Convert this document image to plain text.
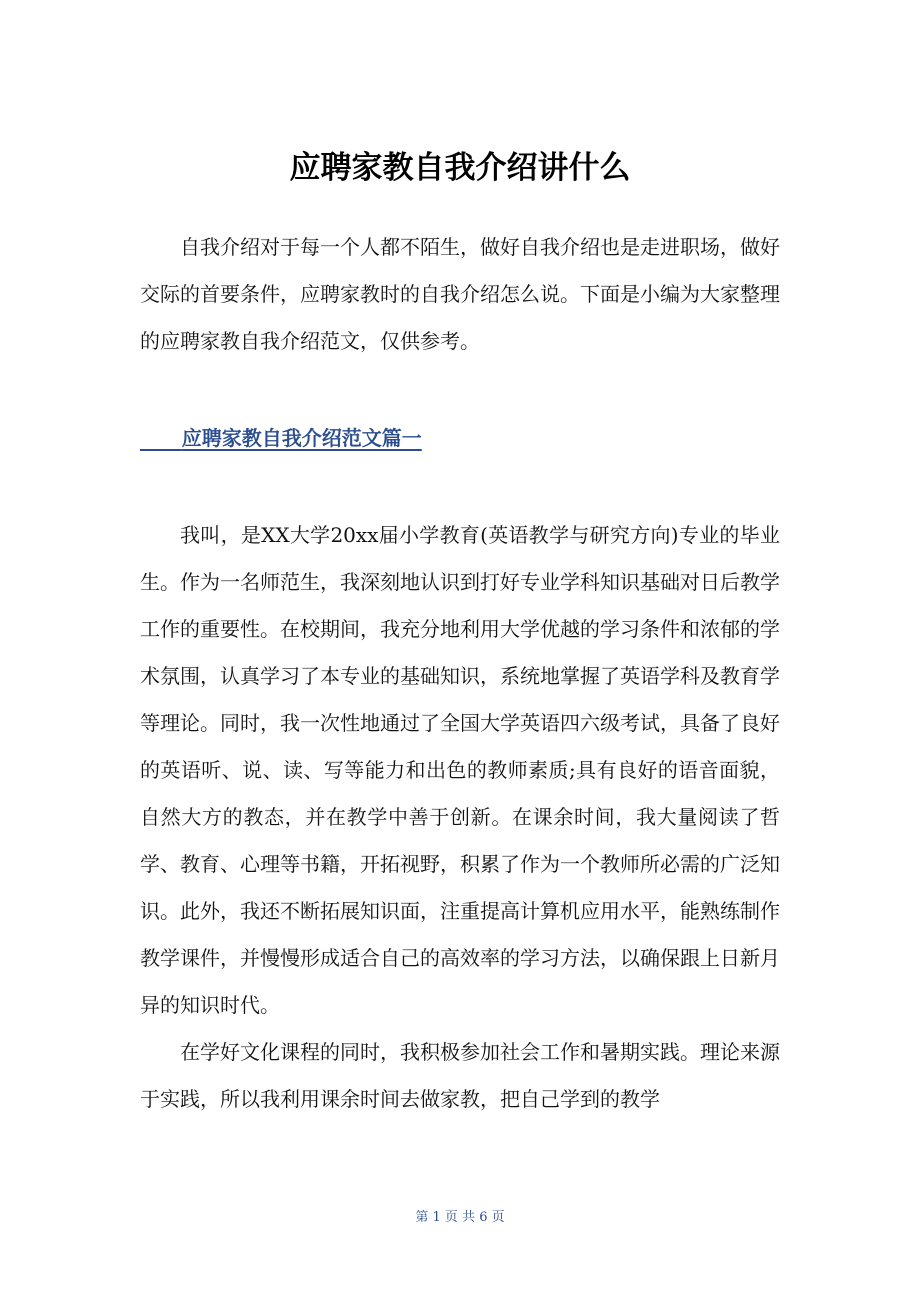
应聘家教自我介绍讲什么

自我介绍对于每一个人都不陌生，做好自我介绍也是走进职场，做好交际的首要条件，应聘家教时的自我介绍怎么说。下面是小编为大家整理的应聘家教自我介绍范文，仅供参考。

应聘家教自我介绍范文篇一

我叫，是XX大学20xx届小学教育(英语教学与研究方向)专业的毕业生。作为一名师范生，我深刻地认识到打好专业学科知识基础对日后教学工作的重要性。在校期间，我充分地利用大学优越的学习条件和浓郁的学术氛围，认真学习了本专业的基础知识，系统地掌握了英语学科及教育学等理论。同时，我一次性地通过了全国大学英语四六级考试，具备了良好的英语听、说、读、写等能力和出色的教师素质;具有良好的语音面貌，自然大方的教态，并在教学中善于创新。在课余时间，我大量阅读了哲学、教育、心理等书籍，开拓视野，积累了作为一个教师所必需的广泛知识。此外，我还不断拓展知识面，注重提高计算机应用水平，能熟练制作教学课件，并慢慢形成适合自己的高效率的学习方法，以确保跟上日新月异的知识时代。

在学好文化课程的同时，我积极参加社会工作和暑期实践。理论来源于实践，所以我利用课余时间去做家教，把自己学到的教学

第 1 页 共 6 页
